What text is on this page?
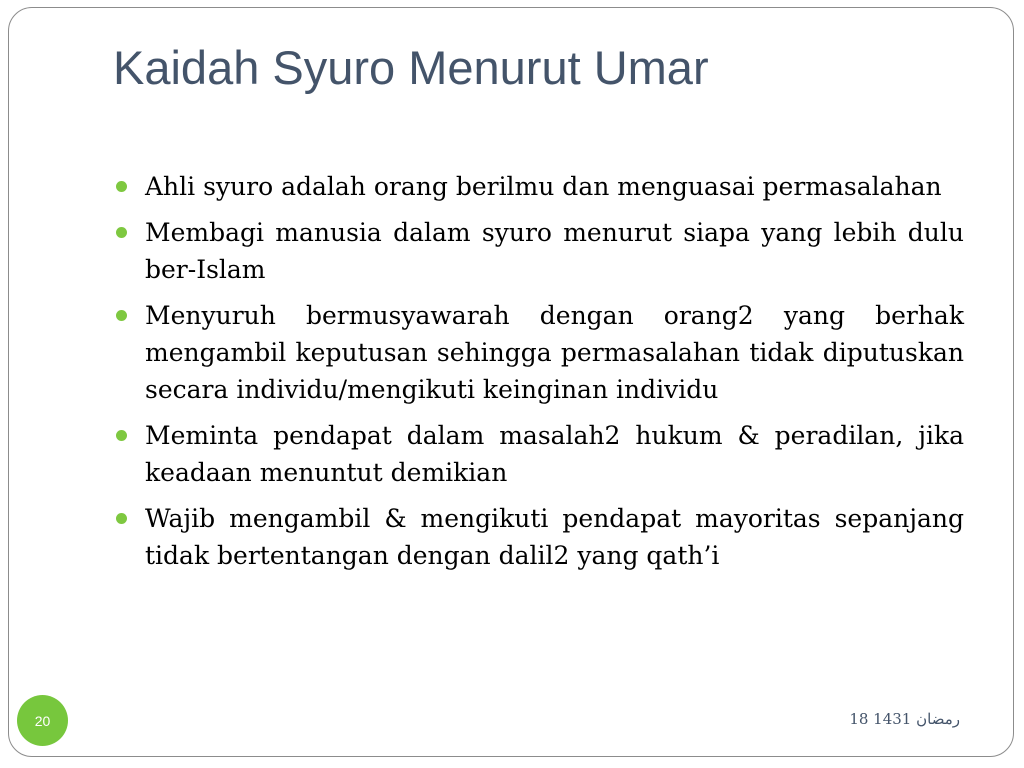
Kaidah Syuro Menurut Umar
Ahli syuro adalah orang berilmu dan menguasai permasalahan
Membagi manusia dalam syuro menurut siapa yang lebih dulu ber-Islam
Menyuruh bermusyawarah dengan orang2 yang berhak mengambil keputusan sehingga permasalahan tidak diputuskan secara individu/mengikuti keinginan individu
Meminta pendapat dalam masalah2 hukum & peradilan, jika keadaan menuntut demikian
Wajib mengambil & mengikuti pendapat mayoritas sepanjang tidak bertentangan dengan dalil2 yang qath’i
20	18 رمضان 1431
